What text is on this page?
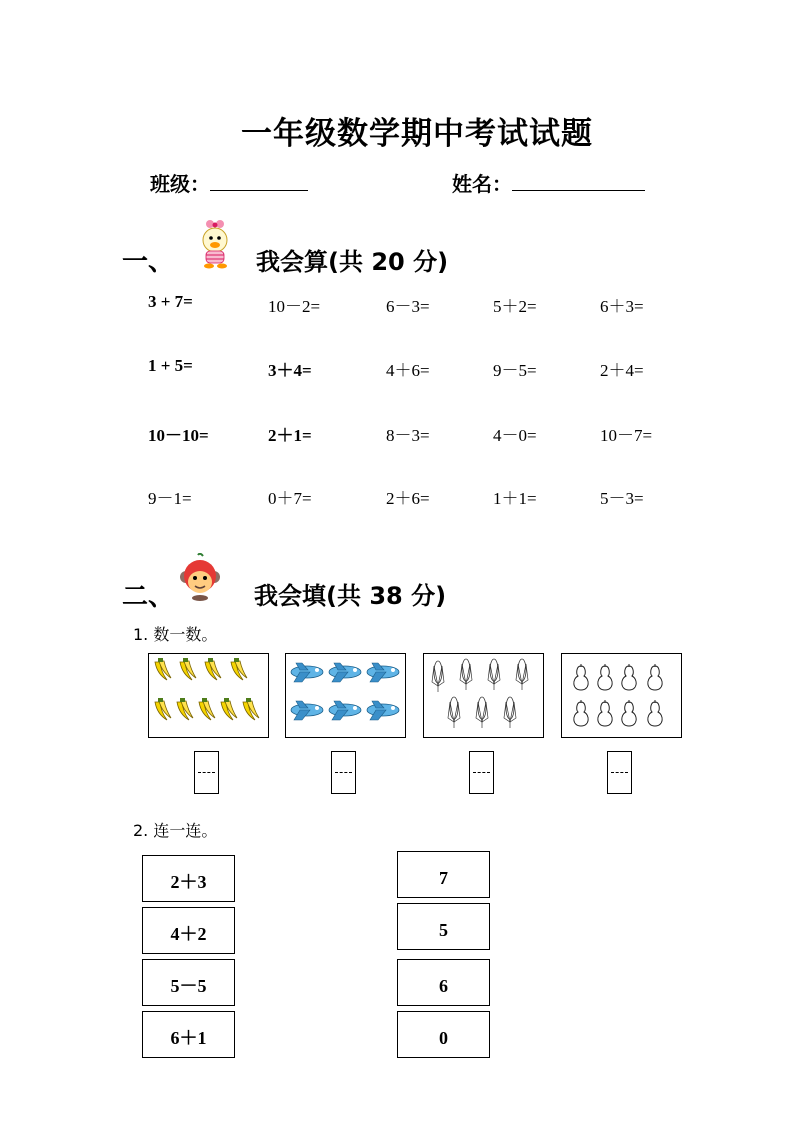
一年级数学期中考试试题
班级：	姓名：
一、	我会算(共 20 分)
3 + 7=	10－2=	6－3=	5＋2=	6＋3=
1 + 5=	3＋4=	4＋6=	9－5=	2＋4=
10－10=	2＋1=	8－3=	4－0=	10－7=
9－1=	0＋7=	2＋6=	1＋1=	5－3=
二、	我会填(共 38 分)
1. 数一数。
2. 连一连。
2＋3
4＋2
5－5
6＋1
7
5
6
0
